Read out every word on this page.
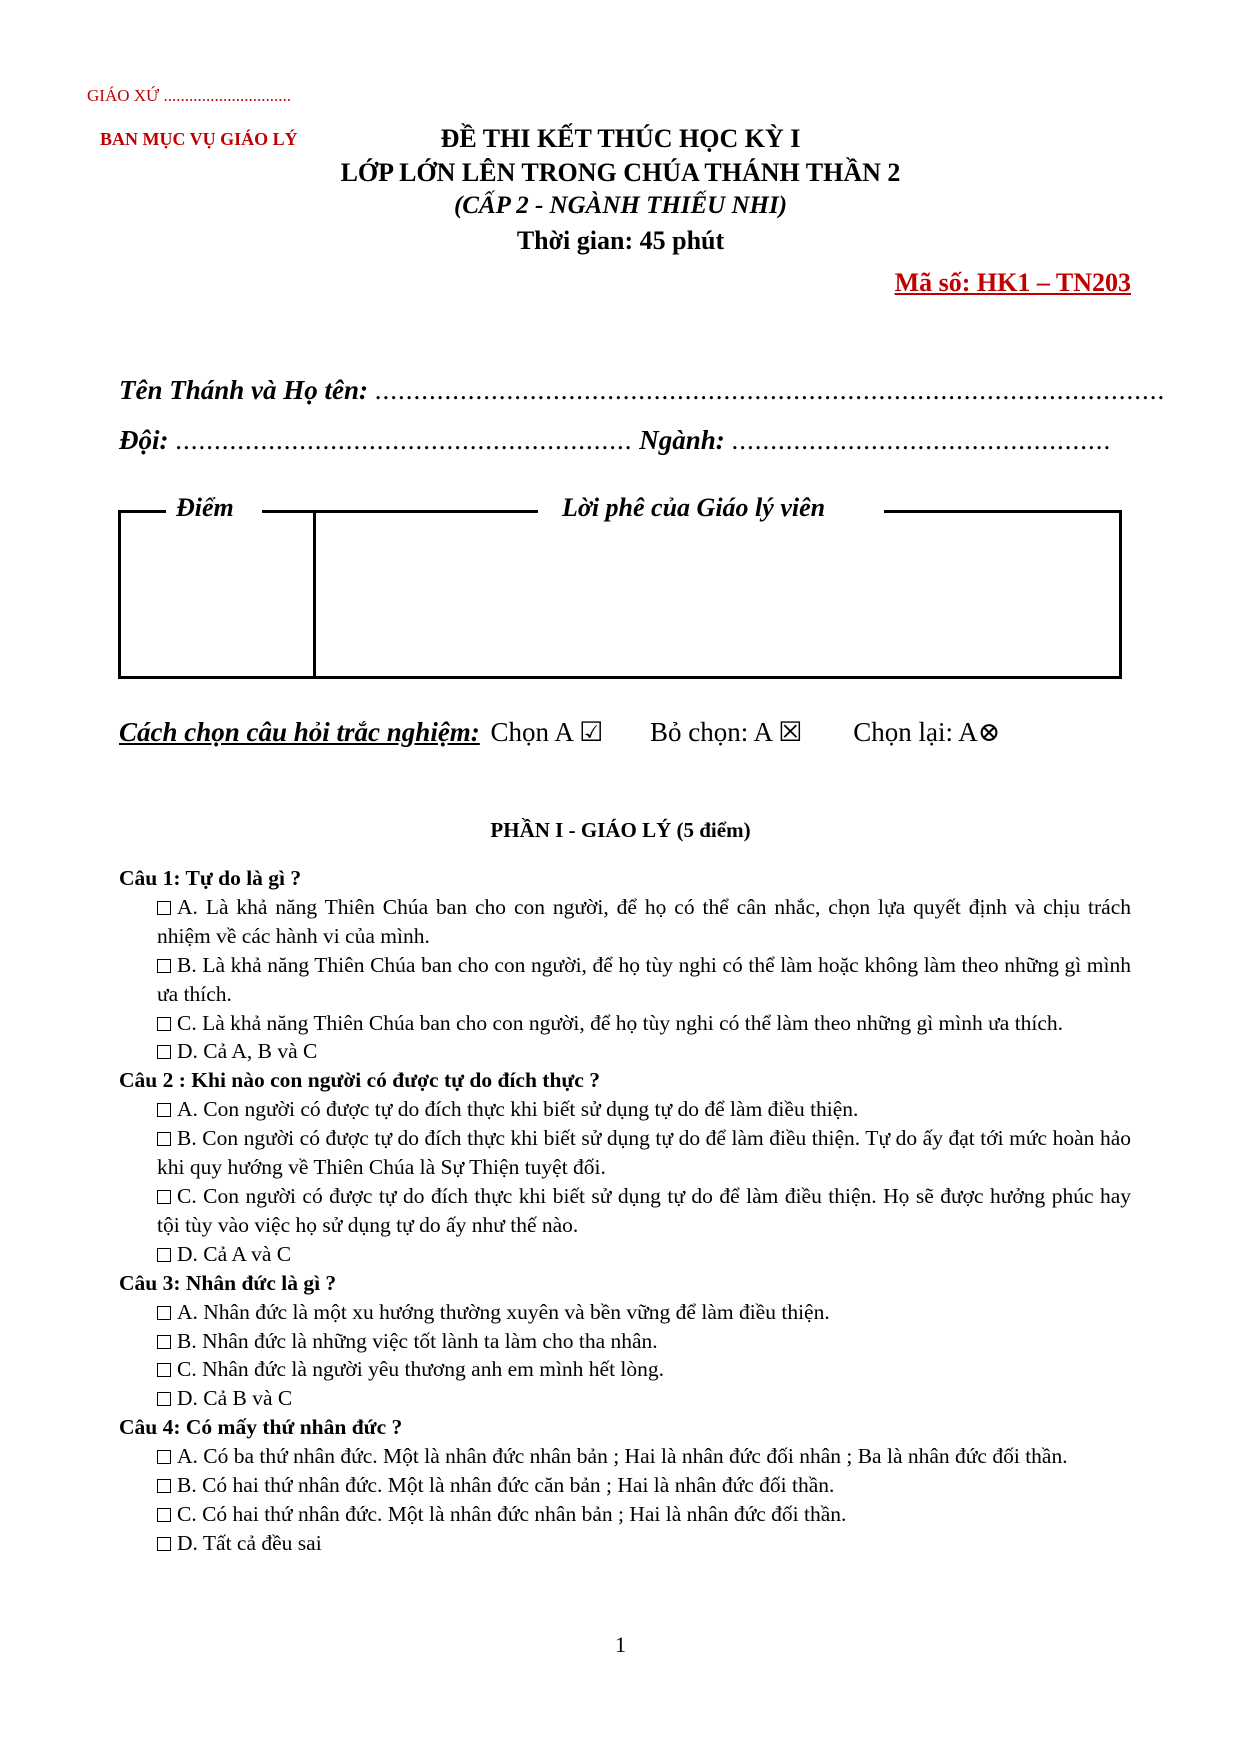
GIÁO XỨ ..............................
BAN MỤC VỤ GIÁO LÝ	ĐỀ THI KẾT THÚC HỌC KỲ I
LỚP LỚN LÊN TRONG CHÚA THÁNH THẦN 2
(CẤP 2 - NGÀNH THIẾU NHI)
Thời gian: 45 phút
Mã số: HK1 – TN203
Tên Thánh và Họ tên: ......................................................................................................
Đội: ........................................................... Ngành: .................................................
Điểm	Lời phê của Giáo lý viên
Cách chọn câu hỏi trắc nghiệm: Chọn A ☑ Bỏ chọn: A ☒ Chọn lại: A⊗
PHẦN I - GIÁO LÝ (5 điểm)
Câu 1: Tự do là gì ?
A. Là khả năng Thiên Chúa ban cho con người, để họ có thể cân nhắc, chọn lựa quyết định và chịu trách nhiệm về các hành vi của mình.
B. Là khả năng Thiên Chúa ban cho con người, để họ tùy nghi có thể làm hoặc không làm theo những gì mình ưa thích.
C. Là khả năng Thiên Chúa ban cho con người, để họ tùy nghi có thể làm theo những gì mình ưa thích.
D. Cả A, B và C
Câu 2 : Khi nào con người có được tự do đích thực ?
A. Con người có được tự do đích thực khi biết sử dụng tự do để làm điều thiện.
B. Con người có được tự do đích thực khi biết sử dụng tự do để làm điều thiện. Tự do ấy đạt tới mức hoàn hảo khi quy hướng về Thiên Chúa là Sự Thiện tuyệt đối.
C. Con người có được tự do đích thực khi biết sử dụng tự do để làm điều thiện. Họ sẽ được hưởng phúc hay tội tùy vào việc họ sử dụng tự do ấy như thế nào.
D. Cả A và C
Câu 3: Nhân đức là gì ?
A. Nhân đức là một xu hướng thường xuyên và bền vững để làm điều thiện.
B. Nhân đức là những việc tốt lành ta làm cho tha nhân.
C. Nhân đức là người yêu thương anh em mình hết lòng.
D. Cả B và C
Câu 4: Có mấy thứ nhân đức ?
A. Có ba thứ nhân đức. Một là nhân đức nhân bản ; Hai là nhân đức đối nhân ; Ba là nhân đức đối thần.
B. Có hai thứ nhân đức. Một là nhân đức căn bản ; Hai là nhân đức đối thần.
C. Có hai thứ nhân đức. Một là nhân đức nhân bản ; Hai là nhân đức đối thần.
D. Tất cả đều sai
1
